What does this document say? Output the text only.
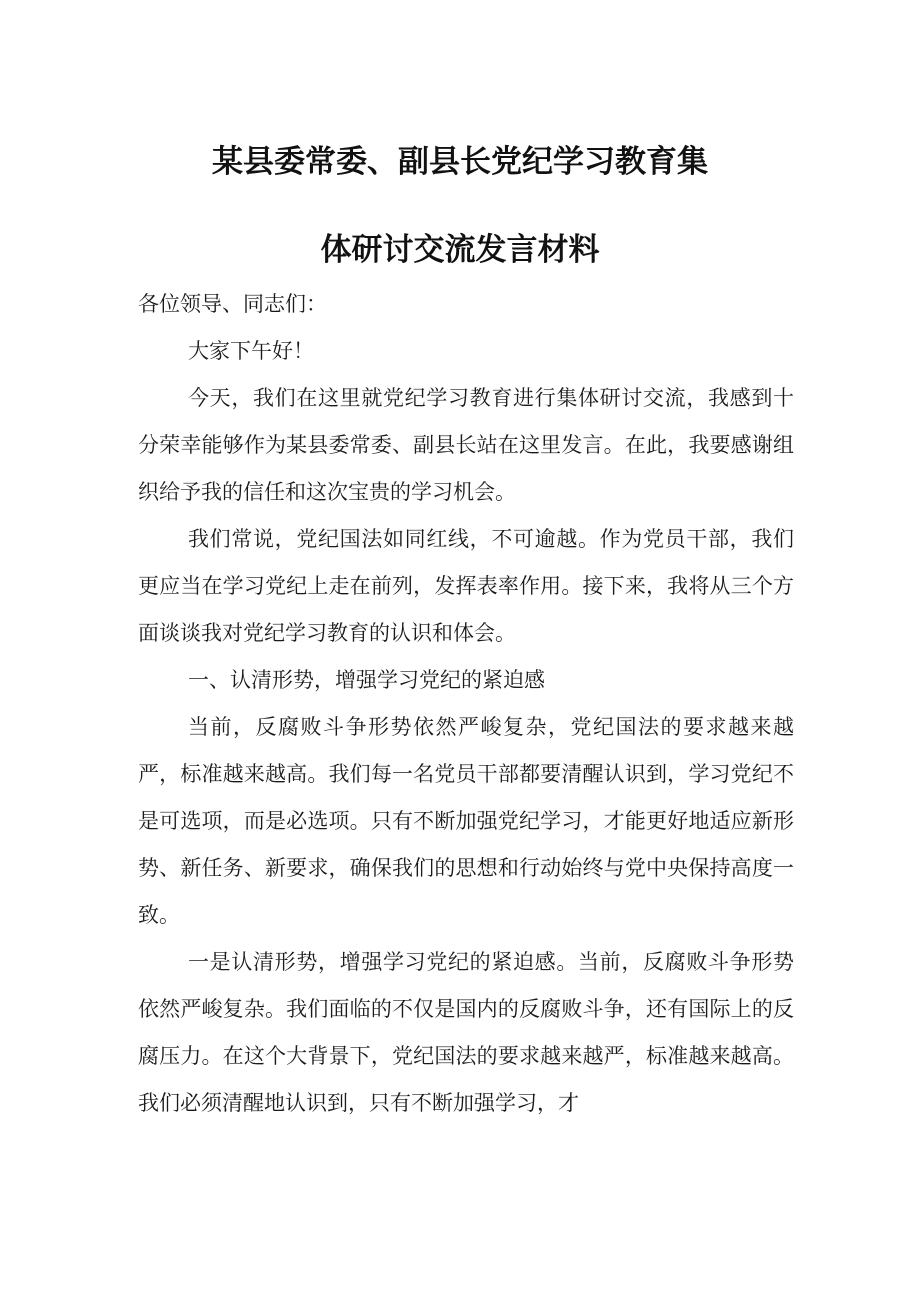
某县委常委、副县长党纪学习教育集
体研讨交流发言材料

各位领导、同志们：

大家下午好！

今天，我们在这里就党纪学习教育进行集体研讨交流，我感到十分荣幸能够作为某县委常委、副县长站在这里发言。在此，我要感谢组织给予我的信任和这次宝贵的学习机会。

我们常说，党纪国法如同红线，不可逾越。作为党员干部，我们更应当在学习党纪上走在前列，发挥表率作用。接下来，我将从三个方面谈谈我对党纪学习教育的认识和体会。

一、认清形势，增强学习党纪的紧迫感

当前，反腐败斗争形势依然严峻复杂，党纪国法的要求越来越严，标准越来越高。我们每一名党员干部都要清醒认识到，学习党纪不是可选项，而是必选项。只有不断加强党纪学习，才能更好地适应新形势、新任务、新要求，确保我们的思想和行动始终与党中央保持高度一致。

一是认清形势，增强学习党纪的紧迫感。当前，反腐败斗争形势依然严峻复杂。我们面临的不仅是国内的反腐败斗争，还有国际上的反腐压力。在这个大背景下，党纪国法的要求越来越严，标准越来越高。我们必须清醒地认识到，只有不断加强学习，才
